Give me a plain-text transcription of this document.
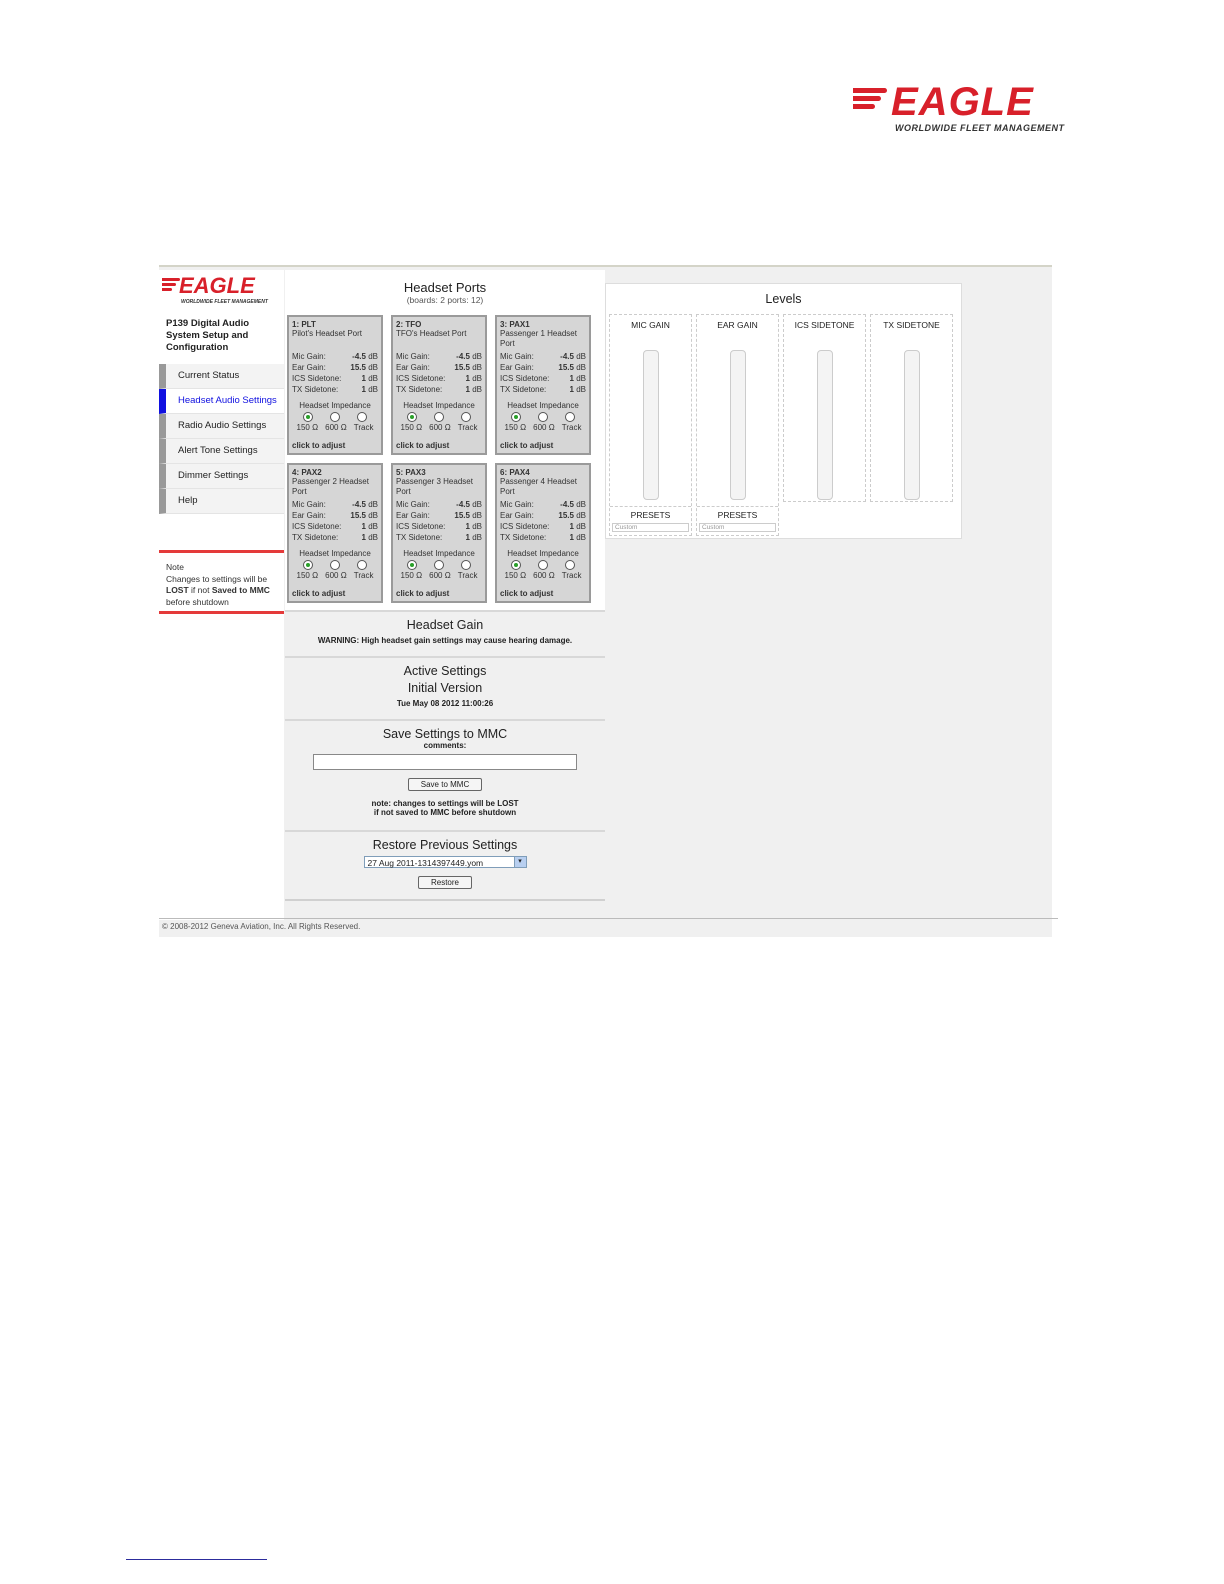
EAGLE
WORLDWIDE FLEET MANAGEMENT
EAGLE
WORLDWIDE FLEET MANAGEMENT
P139 Digital Audio System Setup and Configuration
Current Status
Headset Audio Settings
Radio Audio Settings
Alert Tone Settings
Dimmer Settings
Help
Note
Changes to settings will be
LOST if not Saved to MMC
before shutdown
Headset Ports
(boards: 2 ports: 12)
1: PLT
Pilot's Headset Port
Mic Gain:	-4.5 dB
Ear Gain:	15.5 dB
ICS Sidetone:	1 dB
TX Sidetone:	1 dB
Headset Impedance
150 Ω 600 Ω Track
click to adjust
2: TFO
TFO's Headset Port
Mic Gain:	-4.5 dB
Ear Gain:	15.5 dB
ICS Sidetone:	1 dB
TX Sidetone:	1 dB
Headset Impedance
150 Ω 600 Ω Track
click to adjust
3: PAX1
Passenger 1 Headset Port
Mic Gain:	-4.5 dB
Ear Gain:	15.5 dB
ICS Sidetone:	1 dB
TX Sidetone:	1 dB
Headset Impedance
150 Ω 600 Ω Track
click to adjust
4: PAX2
Passenger 2 Headset Port
Mic Gain:	-4.5 dB
Ear Gain:	15.5 dB
ICS Sidetone:	1 dB
TX Sidetone:	1 dB
Headset Impedance
150 Ω 600 Ω Track
click to adjust
5: PAX3
Passenger 3 Headset Port
Mic Gain:	-4.5 dB
Ear Gain:	15.5 dB
ICS Sidetone:	1 dB
TX Sidetone:	1 dB
Headset Impedance
150 Ω 600 Ω Track
click to adjust
6: PAX4
Passenger 4 Headset Port
Mic Gain:	-4.5 dB
Ear Gain:	15.5 dB
ICS Sidetone:	1 dB
TX Sidetone:	1 dB
Headset Impedance
150 Ω 600 Ω Track
click to adjust
Headset Gain
WARNING: High headset gain settings may cause hearing damage.
Active Settings
Initial Version
Tue May 08 2012 11:00:26
Save Settings to MMC
comments:
Save to MMC
note: changes to settings will be LOST
if not saved to MMC before shutdown
Restore Previous Settings
27 Aug 2011-1314397449.yom	▾
Restore
Levels
MIC GAIN
PRESETS
Custom
EAR GAIN
PRESETS
Custom
ICS SIDETONE	TX SIDETONE
© 2008-2012 Geneva Aviation, Inc. All Rights Reserved.
